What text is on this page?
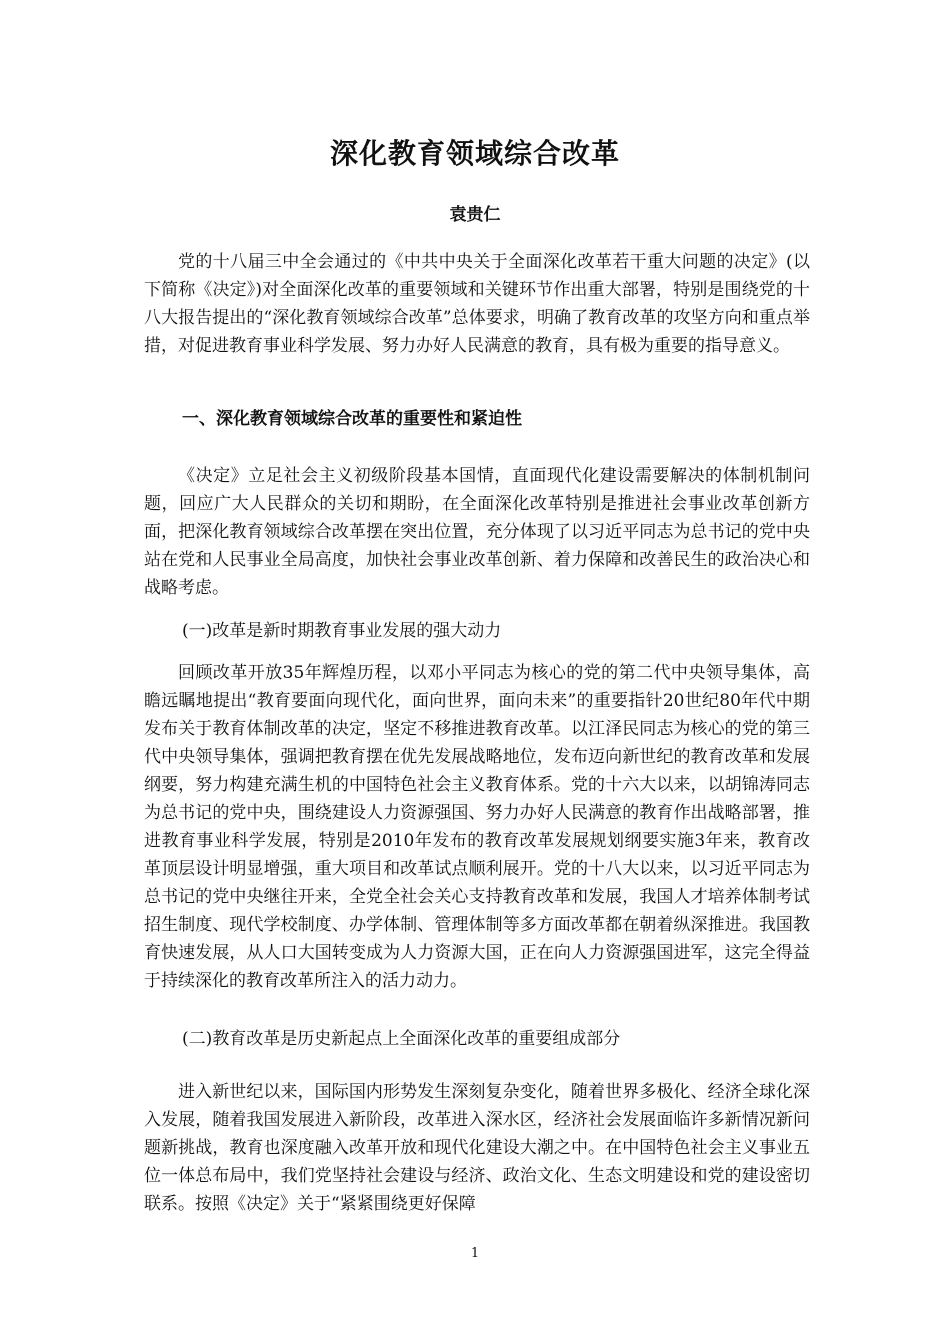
深化教育领域综合改革
袁贵仁

党的十八届三中全会通过的《中共中央关于全面深化改革若干重大问题的决定》(以下简称《决定》)对全面深化改革的重要领域和关键环节作出重大部署，特别是围绕党的十八大报告提出的“深化教育领域综合改革”总体要求，明确了教育改革的攻坚方向和重点举措，对促进教育事业科学发展、努力办好人民满意的教育，具有极为重要的指导意义。

一、深化教育领域综合改革的重要性和紧迫性

《决定》立足社会主义初级阶段基本国情，直面现代化建设需要解决的体制机制问题，回应广大人民群众的关切和期盼，在全面深化改革特别是推进社会事业改革创新方面，把深化教育领域综合改革摆在突出位置，充分体现了以习近平同志为总书记的党中央站在党和人民事业全局高度，加快社会事业改革创新、着力保障和改善民生的政治决心和战略考虑。

(一)改革是新时期教育事业发展的强大动力

回顾改革开放35年辉煌历程，以邓小平同志为核心的党的第二代中央领导集体，高瞻远瞩地提出“教育要面向现代化，面向世界，面向未来”的重要指针20世纪80年代中期发布关于教育体制改革的决定，坚定不移推进教育改革。以江泽民同志为核心的党的第三代中央领导集体，强调把教育摆在优先发展战略地位，发布迈向新世纪的教育改革和发展纲要，努力构建充满生机的中国特色社会主义教育体系。党的十六大以来，以胡锦涛同志为总书记的党中央，围绕建设人力资源强国、努力办好人民满意的教育作出战略部署，推进教育事业科学发展，特别是2010年发布的教育改革发展规划纲要实施3年来，教育改革顶层设计明显增强，重大项目和改革试点顺利展开。党的十八大以来，以习近平同志为总书记的党中央继往开来，全党全社会关心支持教育改革和发展，我国人才培养体制考试招生制度、现代学校制度、办学体制、管理体制等多方面改革都在朝着纵深推进。我国教育快速发展，从人口大国转变成为人力资源大国，正在向人力资源强国进军，这完全得益于持续深化的教育改革所注入的活力动力。

(二)教育改革是历史新起点上全面深化改革的重要组成部分

进入新世纪以来，国际国内形势发生深刻复杂变化，随着世界多极化、经济全球化深入发展，随着我国发展进入新阶段，改革进入深水区，经济社会发展面临许多新情况新问题新挑战，教育也深度融入改革开放和现代化建设大潮之中。在中国特色社会主义事业五位一体总布局中，我们党坚持社会建设与经济、政治文化、生态文明建设和党的建设密切联系。按照《决定》关于“紧紧围绕更好保障

1
